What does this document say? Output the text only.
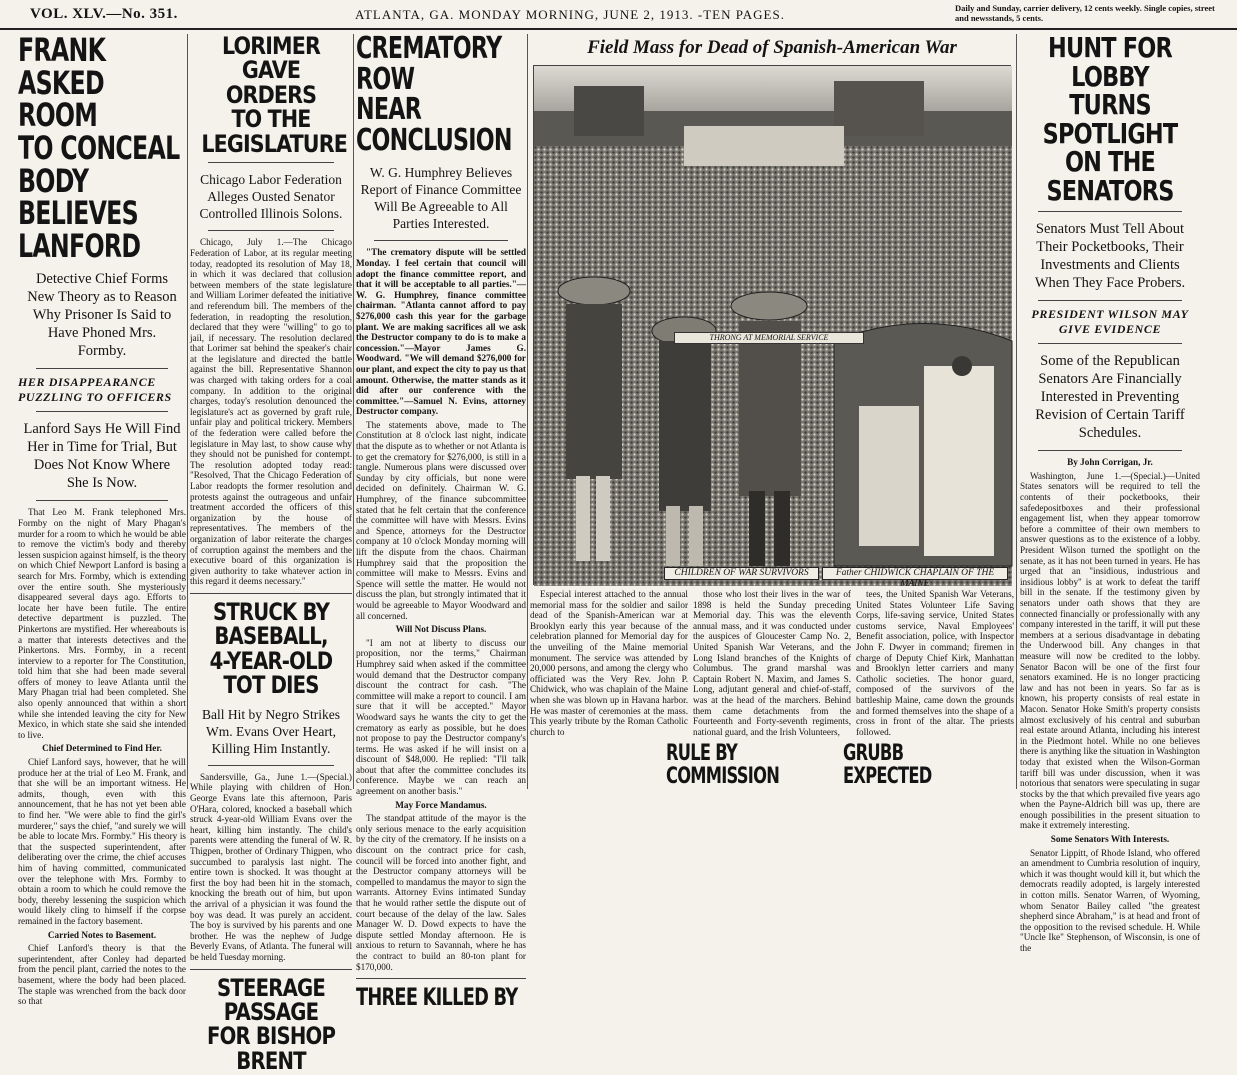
VOL. XLV.—No. 351.	ATLANTA, GA. MONDAY MORNING, JUNE 2, 1913. -TEN PAGES.	Daily and Sunday, carrier delivery, 12 cents weekly. Single copies, street and newsstands, 5 cents.
FRANK ASKED ROOM
TO CONCEAL BODY
BELIEVES LANFORD
Detective Chief Forms New Theory as to Reason Why Prisoner Is Said to Have Phoned Mrs. Formby.
HER DISAPPEARANCE PUZZLING TO OFFICERS
Lanford Says He Will Find Her in Time for Trial, But Does Not Know Where She Is Now.
That Leo M. Frank telephoned Mrs. Formby on the night of Mary Phagan's murder for a room to which he would be able to remove the victim's body and thereby lessen suspicion against himself, is the theory on which Chief Newport Lanford is basing a search for Mrs. Formby, which is extending over the entire south. She mysteriously disappeared several days ago. Efforts to locate her have been futile. The entire detective department is puzzled. The Pinkertons are mystified. Her whereabouts is a matter that interests detectives and the Pinkertons. Mrs. Formby, in a recent interview to a reporter for The Constitution, told him that she had been made several offers of money to leave Atlanta until the Mary Phagan trial had been completed. She also openly announced that within a short while she intended leaving the city for New Mexico, in which state she said she intended to live.
Chief Determined to Find Her.
Chief Lanford says, however, that he will produce her at the trial of Leo M. Frank, and that she will be an important witness. He admits, though, even with this announcement, that he has not yet been able to find her. "We were able to find the girl's murderer," says the chief, "and surely we will be able to locate Mrs. Formby." His theory is that the suspected superintendent, after deliberating over the crime, the chief accuses him of having committed, communicated over the telephone with Mrs. Formby to obtain a room to which he could remove the body, thereby lessening the suspicion which would likely cling to himself if the corpse remained in the factory basement.
Carried Notes to Basement.
Chief Lanford's theory is that the superintendent, after Conley had departed from the pencil plant, carried the notes to the basement, where the body had been placed. The staple was wrenched from the back door so that
LORIMER GAVE ORDERS
TO THE LEGISLATURE
Chicago Labor Federation Alleges Ousted Senator Controlled Illinois Solons.
Chicago, July 1.—The Chicago Federation of Labor, at its regular meeting today, readopted its resolution of May 18, in which it was declared that collusion between members of the state legislature and William Lorimer defeated the initiative and referendum bill. The members of the federation, in readopting the resolution, declared that they were "willing" to go to jail, if necessary. The resolution declared that Lorimer sat behind the speaker's chair at the legislature and directed the battle against the bill. Representative Shannon was charged with taking orders for a coal company. In addition to the original charges, today's resolution denounced the legislature's act as governed by graft rule, unfair play and political trickery. Members of the federation were called before the legislature in May last, to show cause why they should not be punished for contempt. The resolution adopted today read: "Resolved, That the Chicago Federation of Labor readopts the former resolution and protests against the outrageous and unfair treatment accorded the officers of this organization by the house of representatives. The members of the organization of labor reiterate the charges of corruption against the members and the executive board of this organization is given authority to take whatever action in this regard it deems necessary."
STRUCK BY BASEBALL,
4-YEAR-OLD TOT DIES
Ball Hit by Negro Strikes Wm. Evans Over Heart, Killing Him Instantly.
Sandersville, Ga., June 1.—(Special.) While playing with children of Hon. George Evans late this afternoon, Paris O'Hara, colored, knocked a baseball which struck 4-year-old William Evans over the heart, killing him instantly. The child's parents were attending the funeral of W. R. Thigpen, brother of Ordinary Thigpen, who succumbed to paralysis last night. The entire town is shocked. It was thought at first the boy had been hit in the stomach, knocking the breath out of him, but upon the arrival of a physician it was found the boy was dead. It was purely an accident. The boy is survived by his parents and one brother. He was the nephew of Judge Beverly Evans, of Atlanta. The funeral will be held Tuesday morning.
STEERAGE PASSAGE
FOR BISHOP BRENT
CREMATORY ROW
NEAR CONCLUSION
W. G. Humphrey Believes Report of Finance Committee Will Be Agreeable to All Parties Interested.
"The crematory dispute will be settled Monday. I feel certain that council will adopt the finance committee report, and that it will be acceptable to all parties."—W. G. Humphrey, finance committee chairman. "Atlanta cannot afford to pay $276,000 cash this year for the garbage plant. We are making sacrifices all we ask the Destructor company to do is to make a concession."—Mayor James G. Woodward. "We will demand $276,000 for our plant, and expect the city to pay us that amount. Otherwise, the matter stands as it did after our conference with the committee."—Samuel N. Evins, attorney Destructor company.
The statements above, made to The Constitution at 8 o'clock last night, indicate that the dispute as to whether or not Atlanta is to get the crematory for $276,000, is still in a tangle. Numerous plans were discussed over Sunday by city officials, but none were decided on definitely. Chairman W. G. Humphrey, of the finance subcommittee stated that he felt certain that the conference the committee will have with Messrs. Evins and Spence, attorneys for the Destructor company at 10 o'clock Monday morning will lift the dispute from the chaos. Chairman Humphrey said that the proposition the committee will make to Messrs. Evins and Spence will settle the matter. He would not discuss the plan, but strongly intimated that it would be agreeable to Mayor Woodward and all concerned.
Will Not Discuss Plans.
"I am not at liberty to discuss our proposition, nor the terms," Chairman Humphrey said when asked if the committee would demand that the Destructor company discount the contract for cash. "The committee will make a report to council. I am sure that it will be accepted." Mayor Woodward says he wants the city to get the crematory as early as possible, but he does not propose to pay the Destructor company's terms. He was asked if he will insist on a discount of $48,000. He replied: "I'll talk about that after the committee concludes its conference. Maybe we can reach an agreement on another basis."
May Force Mandamus.
The standpat attitude of the mayor is the only serious menace to the early acquisition by the city of the crematory. If he insists on a discount on the contract price for cash, council will be forced into another fight, and the Destructor company attorneys will be compelled to mandamus the mayor to sign the warrants. Attorney Evins intimated Sunday that he would rather settle the dispute out of court because of the delay of the law. Sales Manager W. D. Dowd expects to have the dispute settled Monday afternoon. He is anxious to return to Savannah, where he has the contract to build an 80-ton plant for $170,000.
THREE KILLED BY
Field Mass for Dead of Spanish-American War
THRONG AT MEMORIAL SERVICE
CHILDREN OF WAR SURVIVORS	Father CHIDWICK CHAPLAIN OF THE MAINE
Especial interest attached to the annual memorial mass for the soldier and sailor dead of the Spanish-American war at Brooklyn early this year because of the celebration planned for Memorial day for the unveiling of the Maine memorial monument. The service was attended by 20,000 persons, and among the clergy who officiated was the Very Rev. John P. Chidwick, who was chaplain of the Maine when she was blown up in Havana harbor. He was master of ceremonies at the mass. This yearly tribute by the Roman Catholic church to
those who lost their lives in the war of 1898 is held the Sunday preceding Memorial day. This was the eleventh annual mass, and it was conducted under the auspices of Gloucester Camp No. 2, United Spanish War Veterans, and the Long Island branches of the Knights of Columbus. The grand marshal was Captain Robert N. Maxim, and James S. Long, adjutant general and chief-of-staff, was at the head of the marchers. Behind them came detachments from the Fourteenth and Forty-seventh regiments, national guard, and the Irish Volunteers,
tees, the United Spanish War Veterans, United States Volunteer Life Saving Corps, life-saving service, United States customs service, Naval Employees' Benefit association, police, with Inspector John F. Dwyer in command; firemen in charge of Deputy Chief Kirk, Manhattan and Brooklyn letter carriers and many Catholic societies. The honor guard, composed of the survivors of the battleship Maine, came down the grounds and formed themselves into the shape of a cross in front of the altar. The priests followed.
RULE BY COMMISSION
GRUBB EXPECTED
HUNT FOR LOBBY
TURNS SPOTLIGHT
ON THE SENATORS
Senators Must Tell About Their Pocketbooks, Their Investments and Clients When They Face Probers.
PRESIDENT WILSON MAY GIVE EVIDENCE
Some of the Republican Senators Are Financially Interested in Preventing Revision of Certain Tariff Schedules.
By John Corrigan, Jr.
Washington, June 1.—(Special.)—United States senators will be required to tell the contents of their pocketbooks, their safedepositboxes and their professional engagement list, when they appear tomorrow before a committee of their own members to answer questions as to the existence of a lobby. President Wilson turned the spotlight on the senate, as it has not been turned in years. He has urged that an "insidious, industrious and insidious lobby" is at work to defeat the tariff bill in the senate. If the testimony given by senators under oath shows that they are connected financially or professionally with any company interested in the tariff, it will put these members at a serious disadvantage in debating the Underwood bill. Any changes in that measure will now be credited to the lobby. Senator Bacon will be one of the first four senators examined. He is no longer practicing law and has not been in years. So far as is known, his property consists of real estate in Macon. Senator Hoke Smith's property consists almost exclusively of his central and suburban real estate around Atlanta, including his interest in the Piedmont hotel. While no one believes there is anything like the situation in Washington today that existed when the Wilson-Gorman tariff bill was under discussion, when it was notorious that senators were speculating in sugar stocks by the that which prevailed five years ago when the Payne-Aldrich bill was up, there are enough possibilities in the present situation to make it extremely interesting.
Some Senators With Interests.
Senator Lippitt, of Rhode Island, who offered an amendment to Cumbria resolution of inquiry, which it was thought would kill it, but which the democrats readily adopted, is largely interested in cotton mills. Senator Warren, of Wyoming, whom Senator Bailey called "the greatest shepherd since Abraham," is at head and front of the opposition to the revised schedule. H. While "Uncle Ike" Stephenson, of Wisconsin, is one of the
